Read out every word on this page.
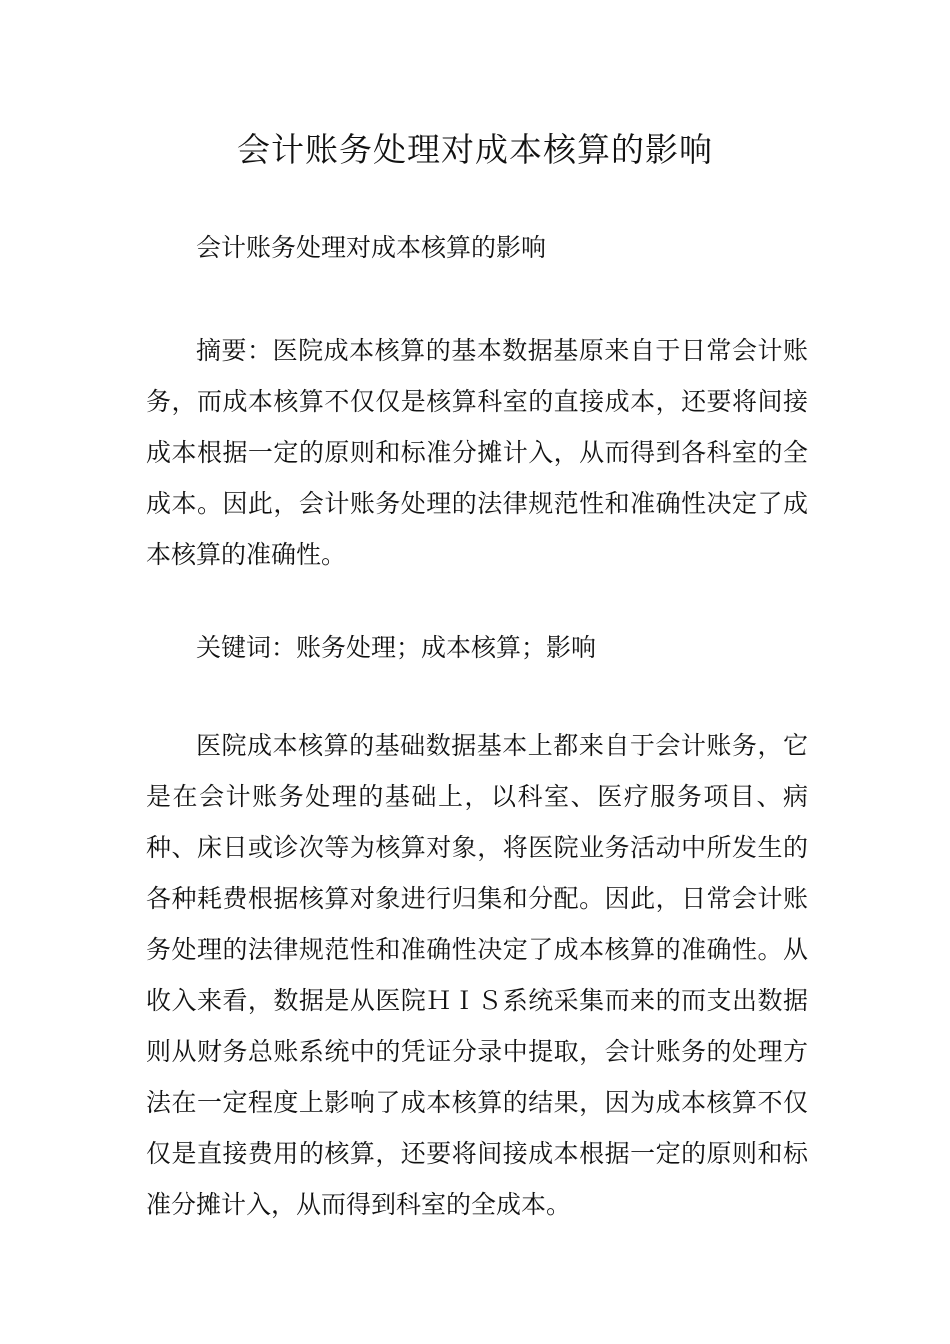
会计账务处理对成本核算的影响

会计账务处理对成本核算的影响

摘要：医院成本核算的基本数据基原来自于日常会计账务，而成本核算不仅仅是核算科室的直接成本，还要将间接成本根据一定的原则和标准分摊计入，从而得到各科室的全成本。因此，会计账务处理的法律规范性和准确性决定了成本核算的准确性。

关键词：账务处理；成本核算；影响

医院成本核算的基础数据基本上都来自于会计账务，它是在会计账务处理的基础上，以科室、医疗服务项目、病种、床日或诊次等为核算对象，将医院业务活动中所发生的各种耗费根据核算对象进行归集和分配。因此，日常会计账务处理的法律规范性和准确性决定了成本核算的准确性。从收入来看，数据是从医院ＨＩＳ系统采集而来的而支出数据则从财务总账系统中的凭证分录中提取，会计账务的处理方法在一定程度上影响了成本核算的结果，因为成本核算不仅仅是直接费用的核算，还要将间接成本根据一定的原则和标准分摊计入，从而得到科室的全成本。
